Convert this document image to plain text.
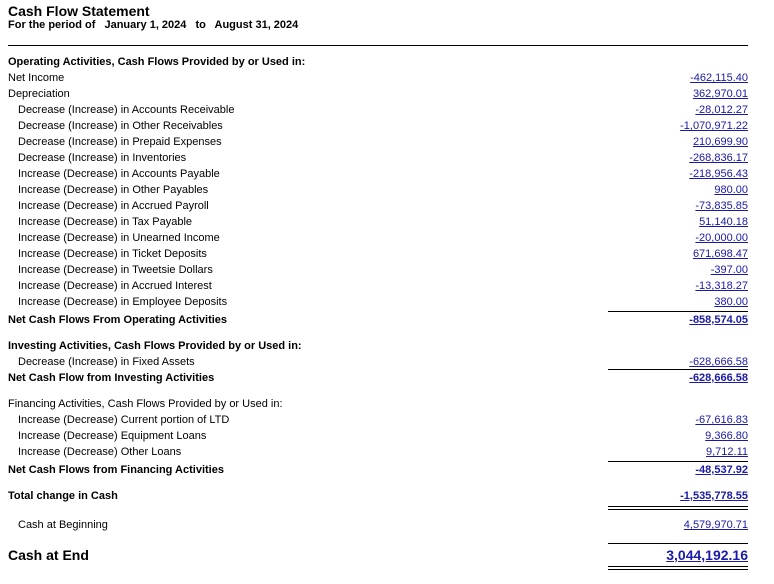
Cash Flow Statement
For the period of January 1, 2024 to August 31, 2024
Operating Activities, Cash Flows Provided by or Used in:
Net Income	-462,115.40
Depreciation	362,970.01
Decrease (Increase) in Accounts Receivable	-28,012.27
Decrease (Increase) in Other Receivables	-1,070,971.22
Decrease (Increase) in Prepaid Expenses	210,699.90
Decrease (Increase) in Inventories	-268,836.17
Increase (Decrease) in Accounts Payable	-218,956.43
Increase (Decrease) in Other Payables	980.00
Increase (Decrease) in Accrued Payroll	-73,835.85
Increase (Decrease) in Tax Payable	51,140.18
Increase (Decrease) in Unearned Income	-20,000.00
Increase (Decrease) in Ticket Deposits	671,698.47
Increase (Decrease) in Tweetsie Dollars	-397.00
Increase (Decrease) in Accrued Interest	-13,318.27
Increase (Decrease) in Employee Deposits	380.00
Net Cash Flows From Operating Activities	-858,574.05
Investing Activities, Cash Flows Provided by or Used in:
Decrease (Increase) in Fixed Assets	-628,666.58
Net Cash Flow from Investing Activities	-628,666.58
Financing Activities, Cash Flows Provided by or Used in:
Increase (Decrease) Current portion of LTD	-67,616.83
Increase (Decrease) Equipment Loans	9,366.80
Increase (Decrease) Other Loans	9,712.11
Net Cash Flows from Financing Activities	-48,537.92
Total change in Cash	-1,535,778.55
Cash at Beginning	4,579,970.71
Cash at End	3,044,192.16
